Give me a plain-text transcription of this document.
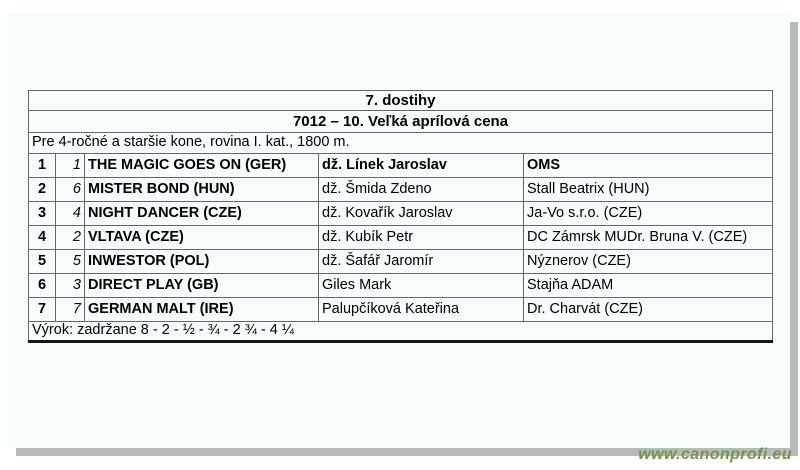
7. dostihy				
7012 – 10. Veľká aprílová cena				
Pre 4-ročné a staršie kone, rovina I. kat., 1800 m.				
1	1	THE MAGIC GOES ON (GER)	dž. Línek Jaroslav	OMS
2	6	MISTER BOND (HUN)	dž. Šmida Zdeno	Stall Beatrix (HUN)
3	4	NIGHT DANCER (CZE)	dž. Kovařík Jaroslav	Ja-Vo s.r.o. (CZE)
4	2	VLTAVA (CZE)	dž. Kubík Petr	DC Zámrsk MUDr. Bruna V. (CZE)
5	5	INWESTOR (POL)	dž. Šafář Jaromír	Nýznerov (CZE)
6	3	DIRECT PLAY (GB)	Giles Mark	Stajňa ADAM
7	7	GERMAN MALT (IRE)	Palupčíková Kateřina	Dr. Charvát (CZE)
Výrok: zadržane 8 - 2 - ½ - ¾ - 2 ¾ - 4 ¼				
www.canonprofi.eu
